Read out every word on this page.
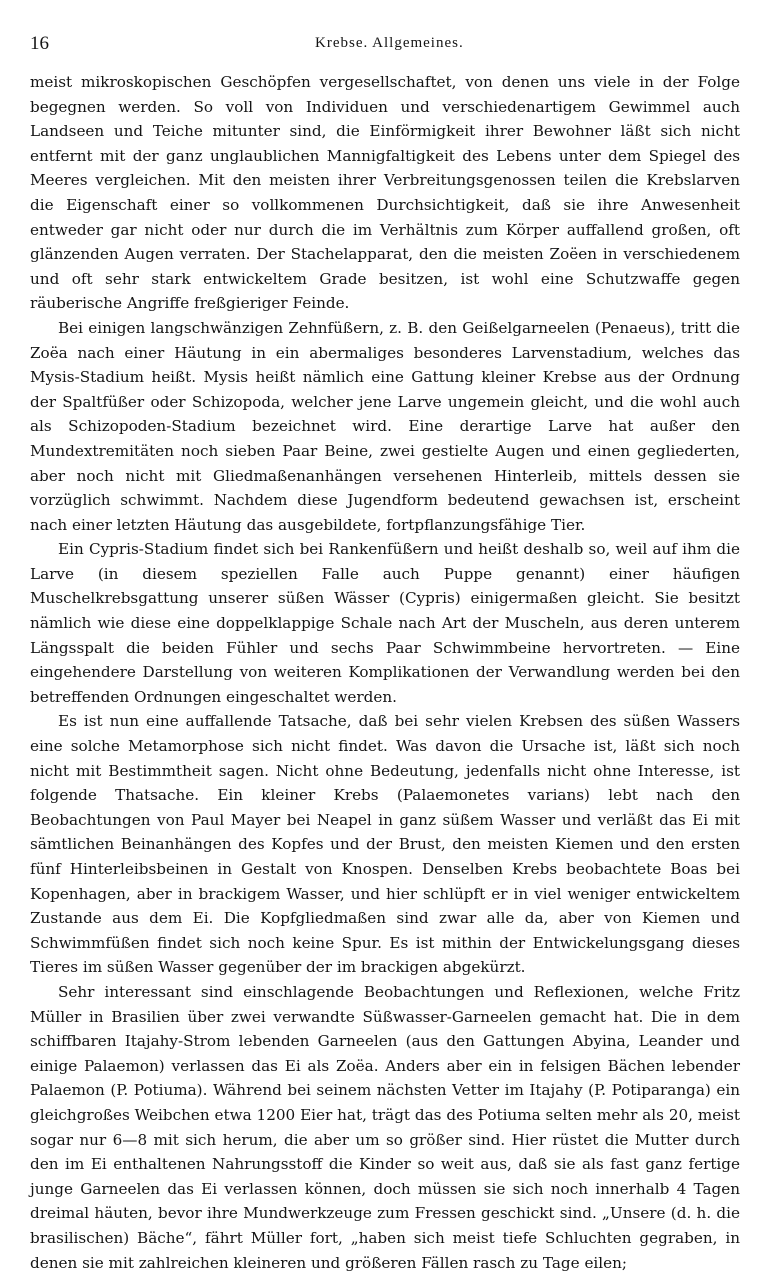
16	Krebse. Allgemeines.

meist mikroskopischen Geschöpfen vergesellschaftet, von denen uns viele in der Folge begegnen werden. So voll von Individuen und verschiedenartigem Gewimmel auch Landseen und Teiche mitunter sind, die Einförmigkeit ihrer Bewohner läßt sich nicht entfernt mit der ganz unglaublichen Mannigfaltigkeit des Lebens unter dem Spiegel des Meeres vergleichen. Mit den meisten ihrer Verbreitungsgenossen teilen die Krebslarven die Eigenschaft einer so vollkommenen Durchsichtigkeit, daß sie ihre Anwesenheit entweder gar nicht oder nur durch die im Verhältnis zum Körper auffallend großen, oft glänzenden Augen verraten. Der Stachelapparat, den die meisten Zoëen in verschiedenem und oft sehr stark entwickeltem Grade besitzen, ist wohl eine Schutzwaffe gegen räuberische Angriffe freßgieriger Feinde.

Bei einigen langschwänzigen Zehnfüßern, z. B. den Geißelgarneelen (Penaeus), tritt die Zoëa nach einer Häutung in ein abermaliges besonderes Larvenstadium, welches das Mysis-Stadium heißt. Mysis heißt nämlich eine Gattung kleiner Krebse aus der Ordnung der Spaltfüßer oder Schizopoda, welcher jene Larve ungemein gleicht, und die wohl auch als Schizopoden-Stadium bezeichnet wird. Eine derartige Larve hat außer den Mundextremitäten noch sieben Paar Beine, zwei gestielte Augen und einen gegliederten, aber noch nicht mit Gliedmaßenanhängen versehenen Hinterleib, mittels dessen sie vorzüglich schwimmt. Nachdem diese Jugendform bedeutend gewachsen ist, erscheint nach einer letzten Häutung das ausgebildete, fortpflanzungsfähige Tier.

Ein Cypris-Stadium findet sich bei Rankenfüßern und heißt deshalb so, weil auf ihm die Larve (in diesem speziellen Falle auch Puppe genannt) einer häufigen Muschelkrebsgattung unserer süßen Wässer (Cypris) einigermaßen gleicht. Sie besitzt nämlich wie diese eine doppelklappige Schale nach Art der Muscheln, aus deren unterem Längsspalt die beiden Fühler und sechs Paar Schwimmbeine hervortreten. — Eine eingehendere Darstellung von weiteren Komplikationen der Verwandlung werden bei den betreffenden Ordnungen eingeschaltet werden.

Es ist nun eine auffallende Tatsache, daß bei sehr vielen Krebsen des süßen Wassers eine solche Metamorphose sich nicht findet. Was davon die Ursache ist, läßt sich noch nicht mit Bestimmtheit sagen. Nicht ohne Bedeutung, jedenfalls nicht ohne Interesse, ist folgende Thatsache. Ein kleiner Krebs (Palaemonetes varians) lebt nach den Beobachtungen von Paul Mayer bei Neapel in ganz süßem Wasser und verläßt das Ei mit sämtlichen Beinanhängen des Kopfes und der Brust, den meisten Kiemen und den ersten fünf Hinterleibsbeinen in Gestalt von Knospen. Denselben Krebs beobachtete Boas bei Kopenhagen, aber in brackigem Wasser, und hier schlüpft er in viel weniger entwickeltem Zustande aus dem Ei. Die Kopfgliedmaßen sind zwar alle da, aber von Kiemen und Schwimmfüßen findet sich noch keine Spur. Es ist mithin der Entwickelungsgang dieses Tieres im süßen Wasser gegenüber der im brackigen abgekürzt.

Sehr interessant sind einschlagende Beobachtungen und Reflexionen, welche Fritz Müller in Brasilien über zwei verwandte Süßwasser-Garneelen gemacht hat. Die in dem schiffbaren Itajahy-Strom lebenden Garneelen (aus den Gattungen Abyina, Leander und einige Palaemon) verlassen das Ei als Zoëa. Anders aber ein in felsigen Bächen lebender Palaemon (P. Potiuma). Während bei seinem nächsten Vetter im Itajahy (P. Potiparanga) ein gleichgroßes Weibchen etwa 1200 Eier hat, trägt das des Potiuma selten mehr als 20, meist sogar nur 6—8 mit sich herum, die aber um so größer sind. Hier rüstet die Mutter durch den im Ei enthaltenen Nahrungsstoff die Kinder so weit aus, daß sie als fast ganz fertige junge Garneelen das Ei verlassen können, doch müssen sie sich noch innerhalb 4 Tagen dreimal häuten, bevor ihre Mundwerkzeuge zum Fressen geschickt sind. „Unsere (d. h. die brasilischen) Bäche“, fährt Müller fort, „haben sich meist tiefe Schluchten gegraben, in denen sie mit zahlreichen kleineren und größeren Fällen rasch zu Tage eilen;
